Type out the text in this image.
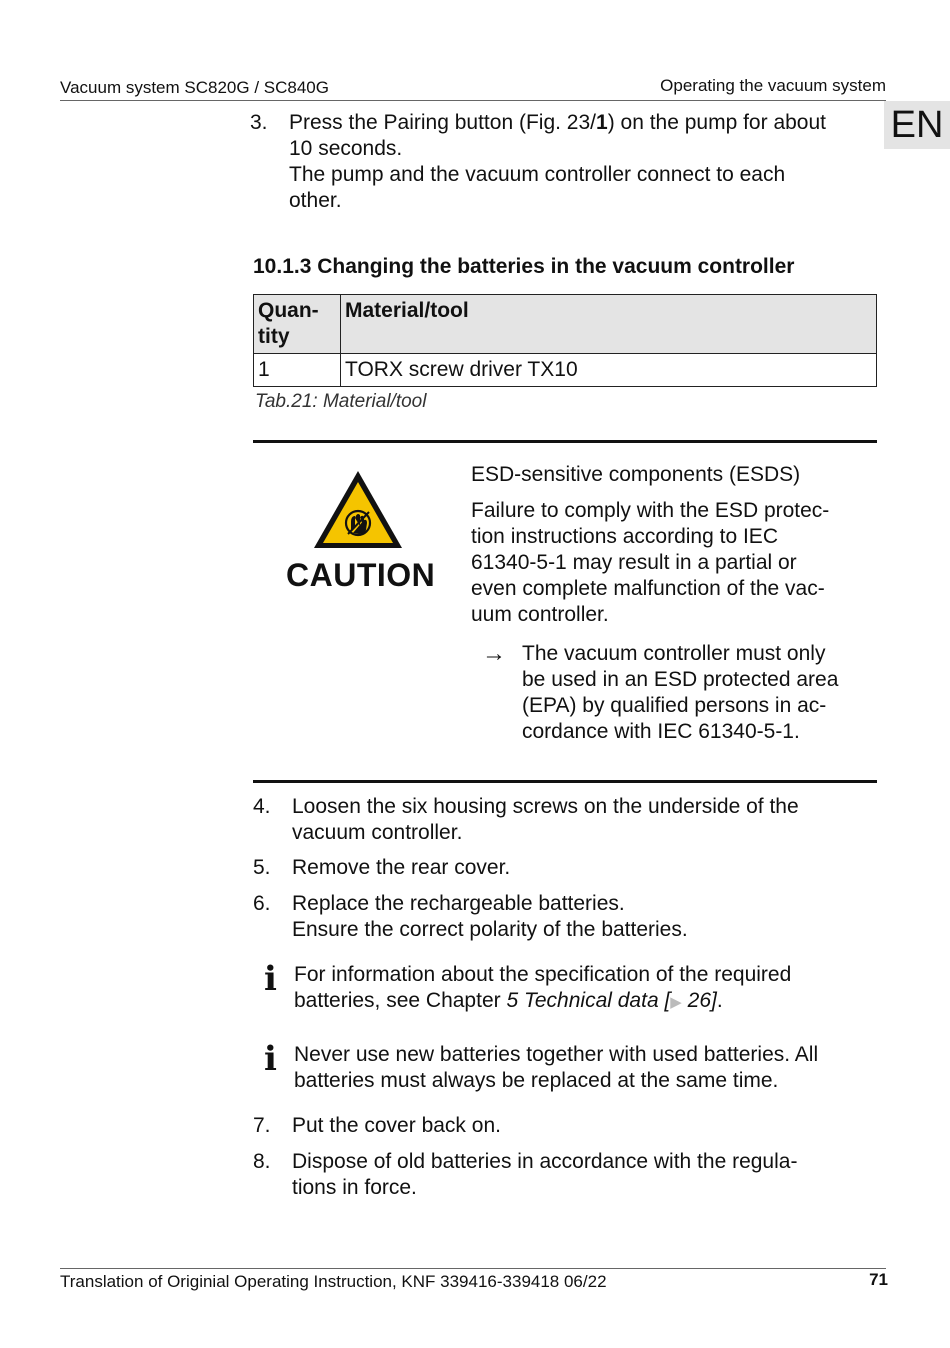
Vacuum system SC820G / SC840G	Operating the vacuum system
EN
3.	Press the Pairing button (Fig. 23/1) on the pump for about
10 seconds.
The pump and the vacuum controller connect to each
other.
10.1.3 Changing the batteries in the vacuum controller
Quan-
tity	Material/tool
1	TORX screw driver TX10
Tab.21: Material/tool
CAUTION
ESD-sensitive components (ESDS)
Failure to comply with the ESD protec-
tion instructions according to IEC
61340-5-1 may result in a partial or
even complete malfunction of the vac-
uum controller.
→ The vacuum controller must only
be used in an ESD protected area
(EPA) by qualified persons in ac-
cordance with IEC 61340-5-1.
4.	Loosen the six housing screws on the underside of the
vacuum controller.
5.	Remove the rear cover.
6.	Replace the rechargeable batteries.
Ensure the correct polarity of the batteries.
i For information about the specification of the required
batteries, see Chapter 5 Technical data [▶ 26].
i Never use new batteries together with used batteries. All
batteries must always be replaced at the same time.
7.	Put the cover back on.
8.	Dispose of old batteries in accordance with the regula-
tions in force.
Translation of Originial Operating Instruction, KNF 339416-339418 06/22	71
